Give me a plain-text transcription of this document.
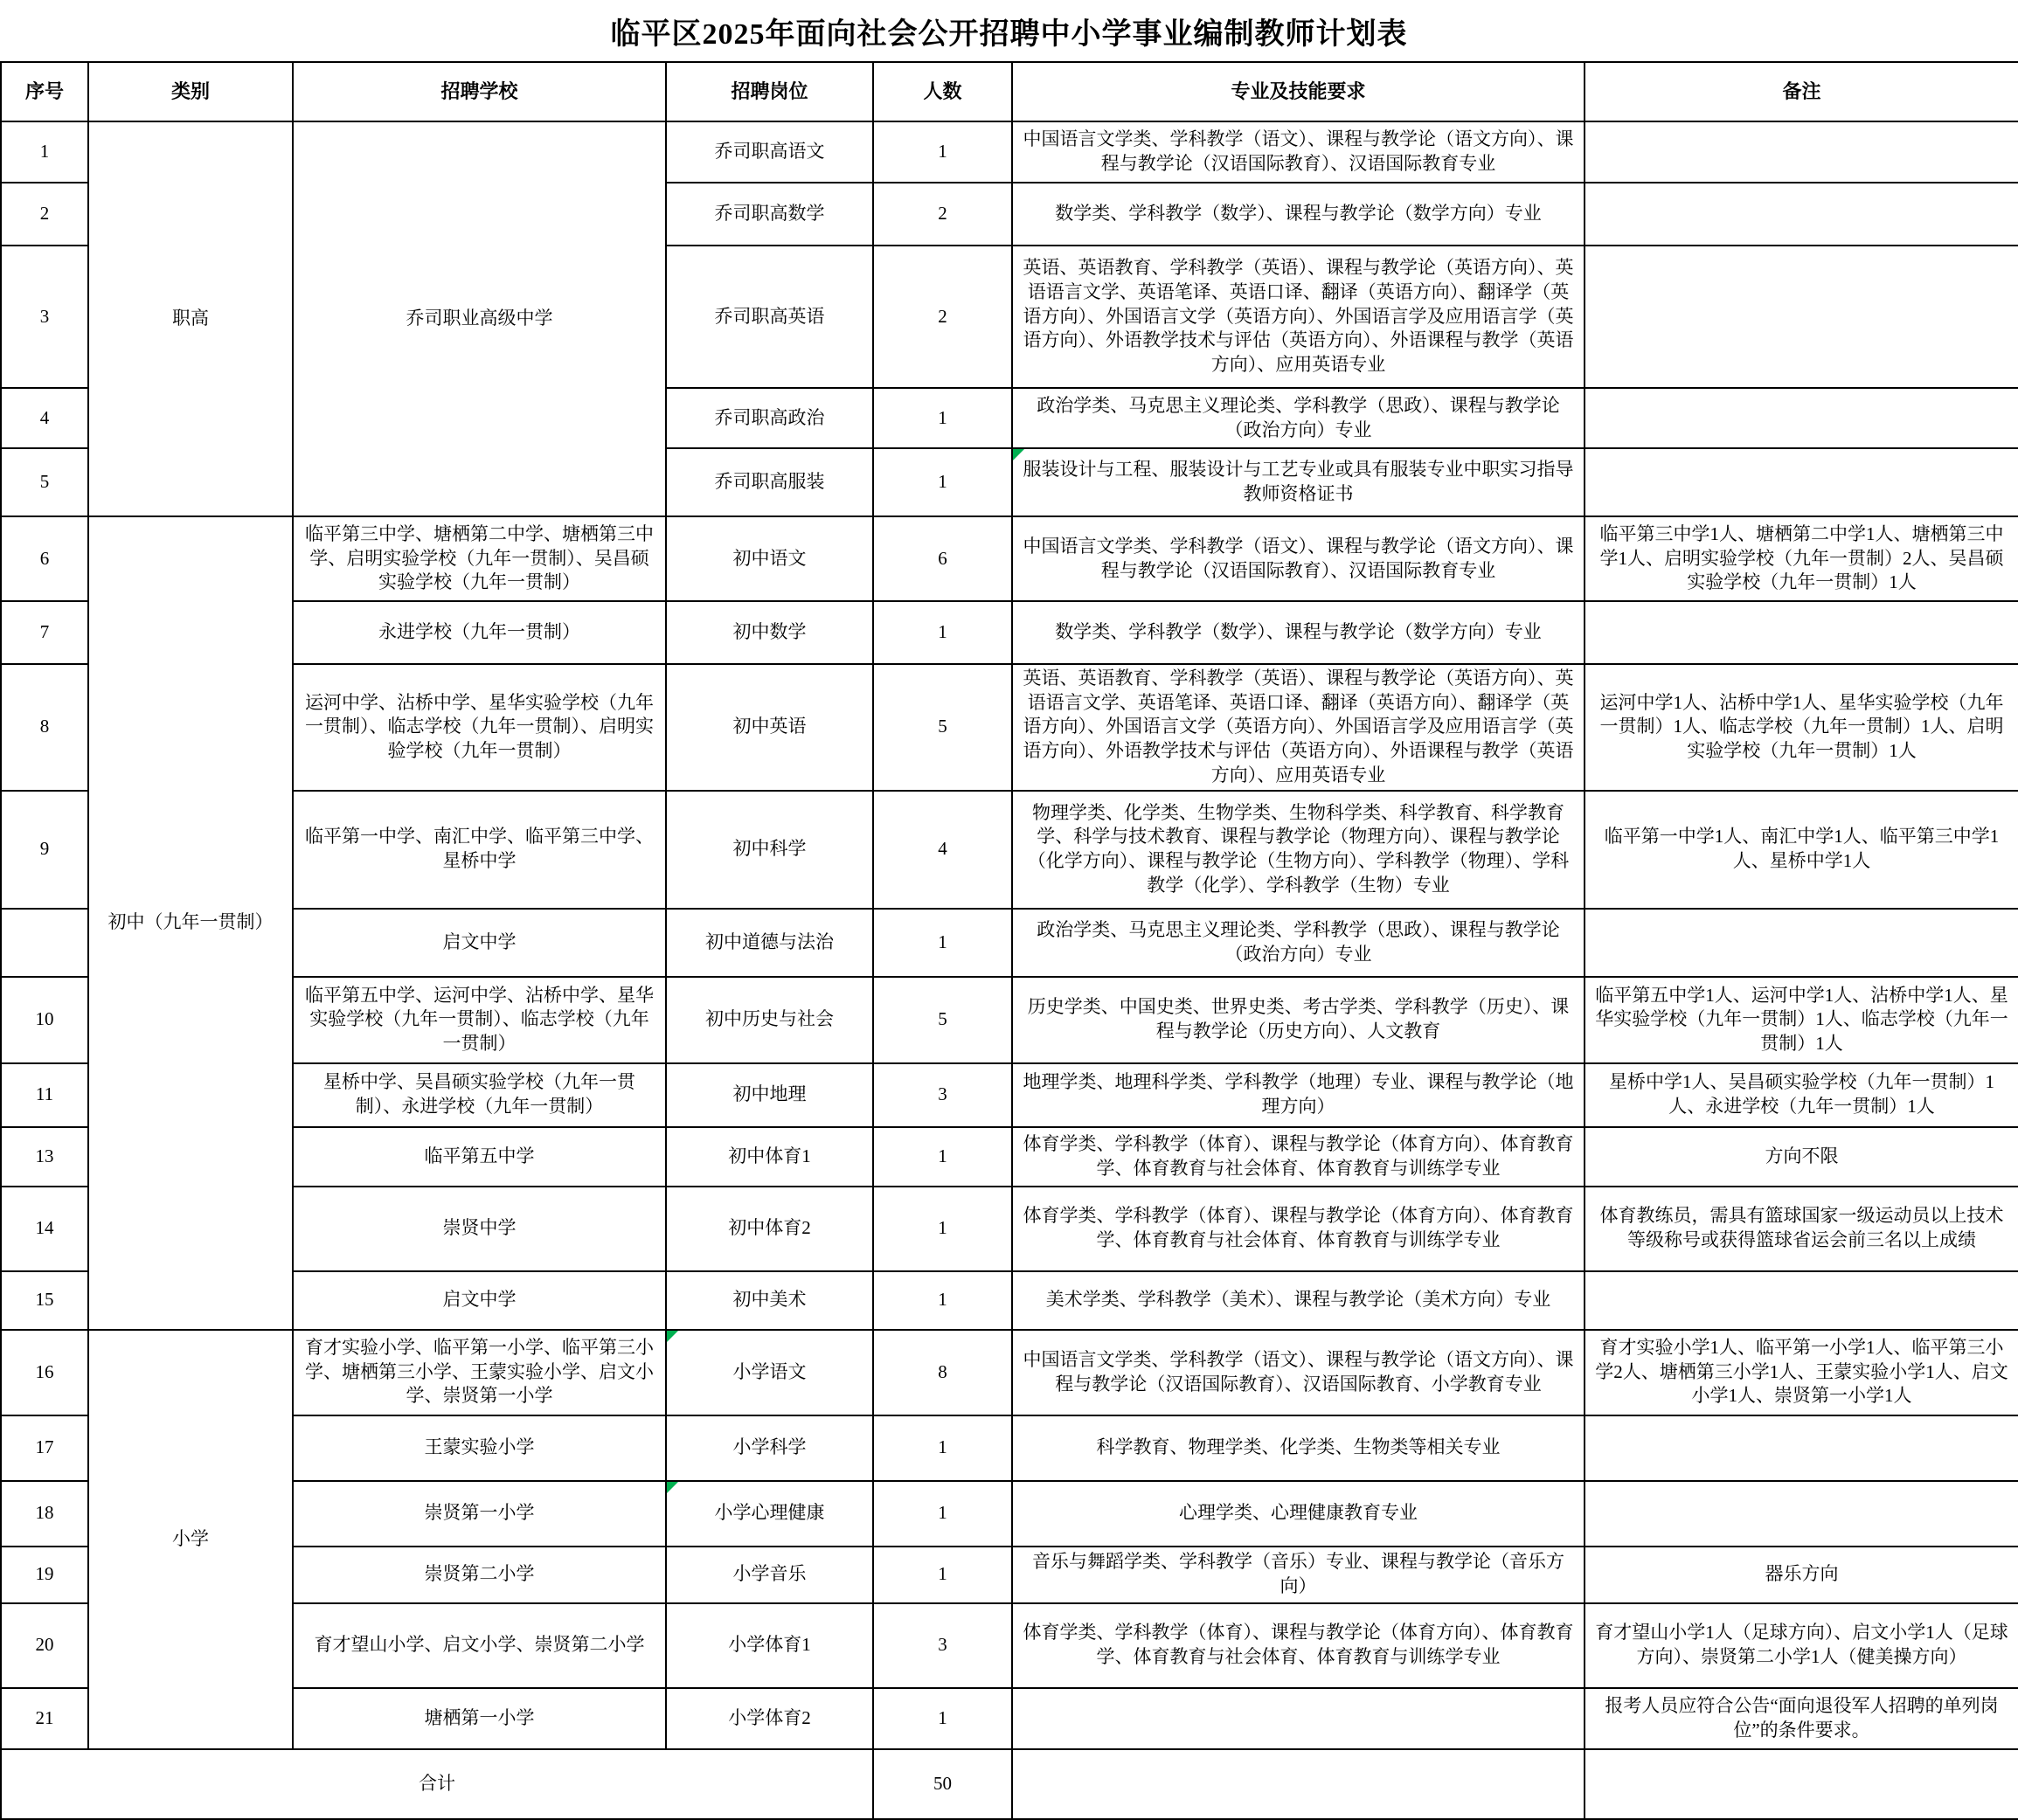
临平区2025年面向社会公开招聘中小学事业编制教师计划表
序号	类别	招聘学校	招聘岗位	人数	专业及技能要求	备注
1	职高	乔司职业高级中学	乔司职高语文	1	中国语言文学类、学科教学（语文）、课程与教学论（语文方向）、课程与教学论（汉语国际教育）、汉语国际教育专业	
2			乔司职高数学	2	数学类、学科教学（数学）、课程与教学论（数学方向）专业	
3			乔司职高英语	2	英语、英语教育、学科教学（英语）、课程与教学论（英语方向）、英语语言文学、英语笔译、英语口译、翻译（英语方向）、翻译学（英语方向）、外国语言文学（英语方向）、外国语言学及应用语言学（英语方向）、外语教学技术与评估（英语方向）、外语课程与教学（英语方向）、应用英语专业	
4			乔司职高政治	1	政治学类、马克思主义理论类、学科教学（思政）、课程与教学论（政治方向）专业	
5			乔司职高服装	1	服装设计与工程、服装设计与工艺专业或具有服装专业中职实习指导教师资格证书	
6	初中（九年一贯制）	临平第三中学、塘栖第二中学、塘栖第三中学、启明实验学校（九年一贯制）、吴昌硕实验学校（九年一贯制）	初中语文	6	中国语言文学类、学科教学（语文）、课程与教学论（语文方向）、课程与教学论（汉语国际教育）、汉语国际教育专业	临平第三中学1人、塘栖第二中学1人、塘栖第三中学1人、启明实验学校（九年一贯制）2人、吴昌硕实验学校（九年一贯制）1人
7		永进学校（九年一贯制）	初中数学	1	数学类、学科教学（数学）、课程与教学论（数学方向）专业	
8		运河中学、沾桥中学、星华实验学校（九年一贯制）、临志学校（九年一贯制）、启明实验学校（九年一贯制）	初中英语	5	英语、英语教育、学科教学（英语）、课程与教学论（英语方向）、英语语言文学、英语笔译、英语口译、翻译（英语方向）、翻译学（英语方向）、外国语言文学（英语方向）、外国语言学及应用语言学（英语方向）、外语教学技术与评估（英语方向）、外语课程与教学（英语方向）、应用英语专业	运河中学1人、沾桥中学1人、星华实验学校（九年一贯制）1人、临志学校（九年一贯制）1人、启明实验学校（九年一贯制）1人
9		临平第一中学、南汇中学、临平第三中学、星桥中学	初中科学	4	物理学类、化学类、生物学类、生物科学类、科学教育、科学教育学、科学与技术教育、课程与教学论（物理方向）、课程与教学论（化学方向）、课程与教学论（生物方向）、学科教学（物理）、学科教学（化学）、学科教学（生物）专业	临平第一中学1人、南汇中学1人、临平第三中学1人、星桥中学1人
		启文中学	初中道德与法治	1	政治学类、马克思主义理论类、学科教学（思政）、课程与教学论（政治方向）专业	
10		临平第五中学、运河中学、沾桥中学、星华实验学校（九年一贯制）、临志学校（九年一贯制）	初中历史与社会	5	历史学类、中国史类、世界史类、考古学类、学科教学（历史）、课程与教学论（历史方向）、人文教育	临平第五中学1人、运河中学1人、沾桥中学1人、星华实验学校（九年一贯制）1人、临志学校（九年一贯制）1人
11		星桥中学、吴昌硕实验学校（九年一贯制）、永进学校（九年一贯制）	初中地理	3	地理学类、地理科学类、学科教学（地理）专业、课程与教学论（地理方向）	星桥中学1人、吴昌硕实验学校（九年一贯制）1人、永进学校（九年一贯制）1人
13		临平第五中学	初中体育1	1	体育学类、学科教学（体育）、课程与教学论（体育方向）、体育教育学、体育教育与社会体育、体育教育与训练学专业	方向不限
14		崇贤中学	初中体育2	1	体育学类、学科教学（体育）、课程与教学论（体育方向）、体育教育学、体育教育与社会体育、体育教育与训练学专业	体育教练员，需具有篮球国家一级运动员以上技术等级称号或获得篮球省运会前三名以上成绩
15		启文中学	初中美术	1	美术学类、学科教学（美术）、课程与教学论（美术方向）专业	
16	小学	育才实验小学、临平第一小学、临平第三小学、塘栖第三小学、王蒙实验小学、启文小学、崇贤第一小学	小学语文	8	中国语言文学类、学科教学（语文）、课程与教学论（语文方向）、课程与教学论（汉语国际教育）、汉语国际教育、小学教育专业	育才实验小学1人、临平第一小学1人、临平第三小学2人、塘栖第三小学1人、王蒙实验小学1人、启文小学1人、崇贤第一小学1人
17		王蒙实验小学	小学科学	1	科学教育、物理学类、化学类、生物类等相关专业	
18		崇贤第一小学	小学心理健康	1	心理学类、心理健康教育专业	
19		崇贤第二小学	小学音乐	1	音乐与舞蹈学类、学科教学（音乐）专业、课程与教学论（音乐方向）	器乐方向
20		育才望山小学、启文小学、崇贤第二小学	小学体育1	3	体育学类、学科教学（体育）、课程与教学论（体育方向）、体育教育学、体育教育与社会体育、体育教育与训练学专业	育才望山小学1人（足球方向）、启文小学1人（足球方向）、崇贤第二小学1人（健美操方向）
21		塘栖第一小学	小学体育2	1		报考人员应符合公告“面向退役军人招聘的单列岗位”的条件要求。
合计				50		
